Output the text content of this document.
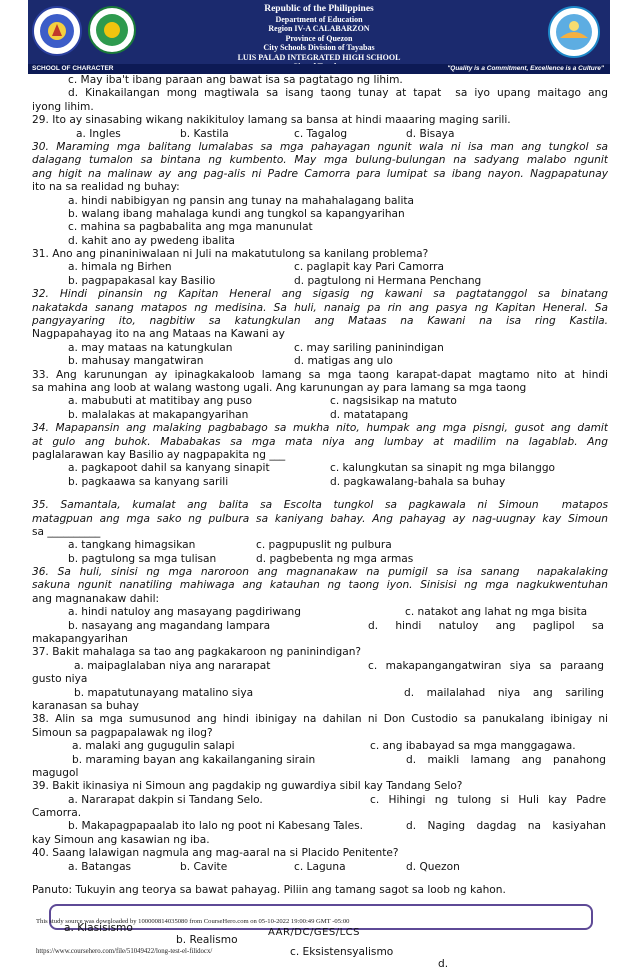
Republic of the Philippines
Department of Education
Region IV-A CALABARZON
Province of Quezon
City Schools Division of Tayabas
LUIS PALAD INTEGRATED HIGH SCHOOL
SCHOOL OF CHARACTER	"Quality is a Commitment, Excellence is a Culture"
c. May iba't ibang paraan ang bawat isa sa pagtatago ng lihim.
d. Kinakailangan mong magtiwala sa isang taong tunay at tapat  sa iyo upang maitago ang
iyong lihim.
29. Ito ay sinasabing wikang nakikituloy lamang sa bansa at hindi maaaring maging sarili.
a. Ingles	b. Kastila	c. Tagalog	d. Bisaya
30. Maraming mga balitang lumalabas sa mga pahayagan ngunit wala ni isa man ang tungkol sa
dalagang tumalon sa bintana ng kumbento. May mga bulung-bulungan na sadyang malabo ngunit
ang higit na malinaw ay ang pag-alis ni Padre Camorra para lumipat sa ibang nayon. Nagpapatunay
ito na sa realidad ng buhay:
a. hindi nabibigyan ng pansin ang tunay na mahahalagang balita
b. walang ibang mahalaga kundi ang tungkol sa kapangyarihan
c. mahina sa pagbabalita ang mga manunulat
d. kahit ano ay pwedeng ibalita
31. Ano ang pinaniniwalaan ni Juli na makatutulong sa kanilang problema?
a. himala ng Birhen	c. paglapit kay Pari Camorra
b. pagpapakasal kay Basilio	d. pagtulong ni Hermana Penchang
32. Hindi pinansin ng Kapitan Heneral ang sigasig ng kawani sa pagtatanggol sa binatang
nakatakda sanang matapos ng medisina. Sa huli, nanaig pa rin ang pasya ng Kapitan Heneral. Sa
pangyayaring ito, nagbitiw sa katungkulan ang Mataas na Kawani na isa ring Kastila.
Nagpapahayag ito na ang Mataas na Kawani ay
a. may mataas na katungkulan	c. may sariling paninindigan
b. mahusay mangatwiran	d. matigas ang ulo
33. Ang karunungan ay ipinagkakaloob lamang sa mga taong karapat-dapat magtamo nito at hindi
sa mahina ang loob at walang wastong ugali. Ang karunungan ay para lamang sa mga taong
a. mabubuti at matitibay ang puso	c. nagsisikap na matuto
b. malalakas at makapangyarihan	d. matatapang
34. Mapapansin ang malaking pagbabago sa mukha nito, humpak ang mga pisngi, gusot ang damit
at gulo ang buhok. Mababakas sa mga mata niya ang lumbay at madilim na lagablab. Ang
paglalarawan kay Basilio ay nagpapakita ng ___
a. pagkapoot dahil sa kanyang sinapit	c. kalungkutan sa sinapit ng mga bilanggo
b. pagkaawa sa kanyang sarili	d. pagkawalang-bahala sa buhay
35. Samantala, kumalat ang balita sa Escolta tungkol sa pagkawala ni Simoun  matapos
matagpuan ang mga sako ng pulbura sa kaniyang bahay. Ang pahayag ay nag-uugnay kay Simoun
sa __________
a. tangkang himagsikan	c. pagpupuslit ng pulbura
b. pagtulong sa mga tulisan	d. pagbebenta ng mga armas
36. Sa huli, sinisi ng mga naroroon ang magnanakaw na pumigil sa isa sanang  napakalaking
sakuna ngunit nanatiling mahiwaga ang katauhan ng taong iyon. Sinisisi ng mga nagkukwentuhan
ang magnanakaw dahil:
a. hindi natuloy ang masayang pagdiriwang	c. natakot ang lahat ng mga bisita
b. nasayang ang magandang lampara	d. hindi natuloy ang paglipol sa
makapangyarihan
37. Bakit mahalaga sa tao ang pagkakaroon ng paninindigan?
a. maipaglalaban niya ang nararapat	c. makapangangatwiran siya sa paraang
gusto niya
b. mapatutunayang matalino siya	d. mailalahad niya ang sariling
karanasan sa buhay
38. Alin sa mga sumusunod ang hindi ibinigay na dahilan ni Don Custodio sa panukalang ibinigay ni
Simoun sa pagpapalawak ng ilog?
a. malaki ang gugugulin salapi	c. ang ibabayad sa mga manggagawa.
b. maraming bayan ang kakailanganing sirain	d. maikli lamang ang panahong
magugol
39. Bakit ikinasiya ni Simoun ang pagdakip ng guwardiya sibil kay Tandang Selo?
a. Nararapat dakpin si Tandang Selo.	c. Hihingi ng tulong si Huli kay Padre
Camorra.
b. Makapagpapaalab ito lalo ng poot ni Kabesang Tales.	d. Naging dagdag na kasiyahan
kay Simoun ang kasawian ng iba.
40. Saang lalawigan nagmula ang mag-aaral na si Placido Penitente?
a. Batangas	b. Cavite	c. Laguna	d. Quezon
Panuto: Tukuyin ang teorya sa bawat pahayag. Piliin ang tamang sagot sa loob ng kahon.

a. Klasisismo

b. Realismo

c. Eksistensyalismo

d.

This study source was downloaded by 100000814035080 from CourseHero.com on 05-10-2022 19:00:49 GMT -05:00
AAR/DC/GES/LCS
https://www.coursehero.com/file/51049422/long-test-el-filidocx/
